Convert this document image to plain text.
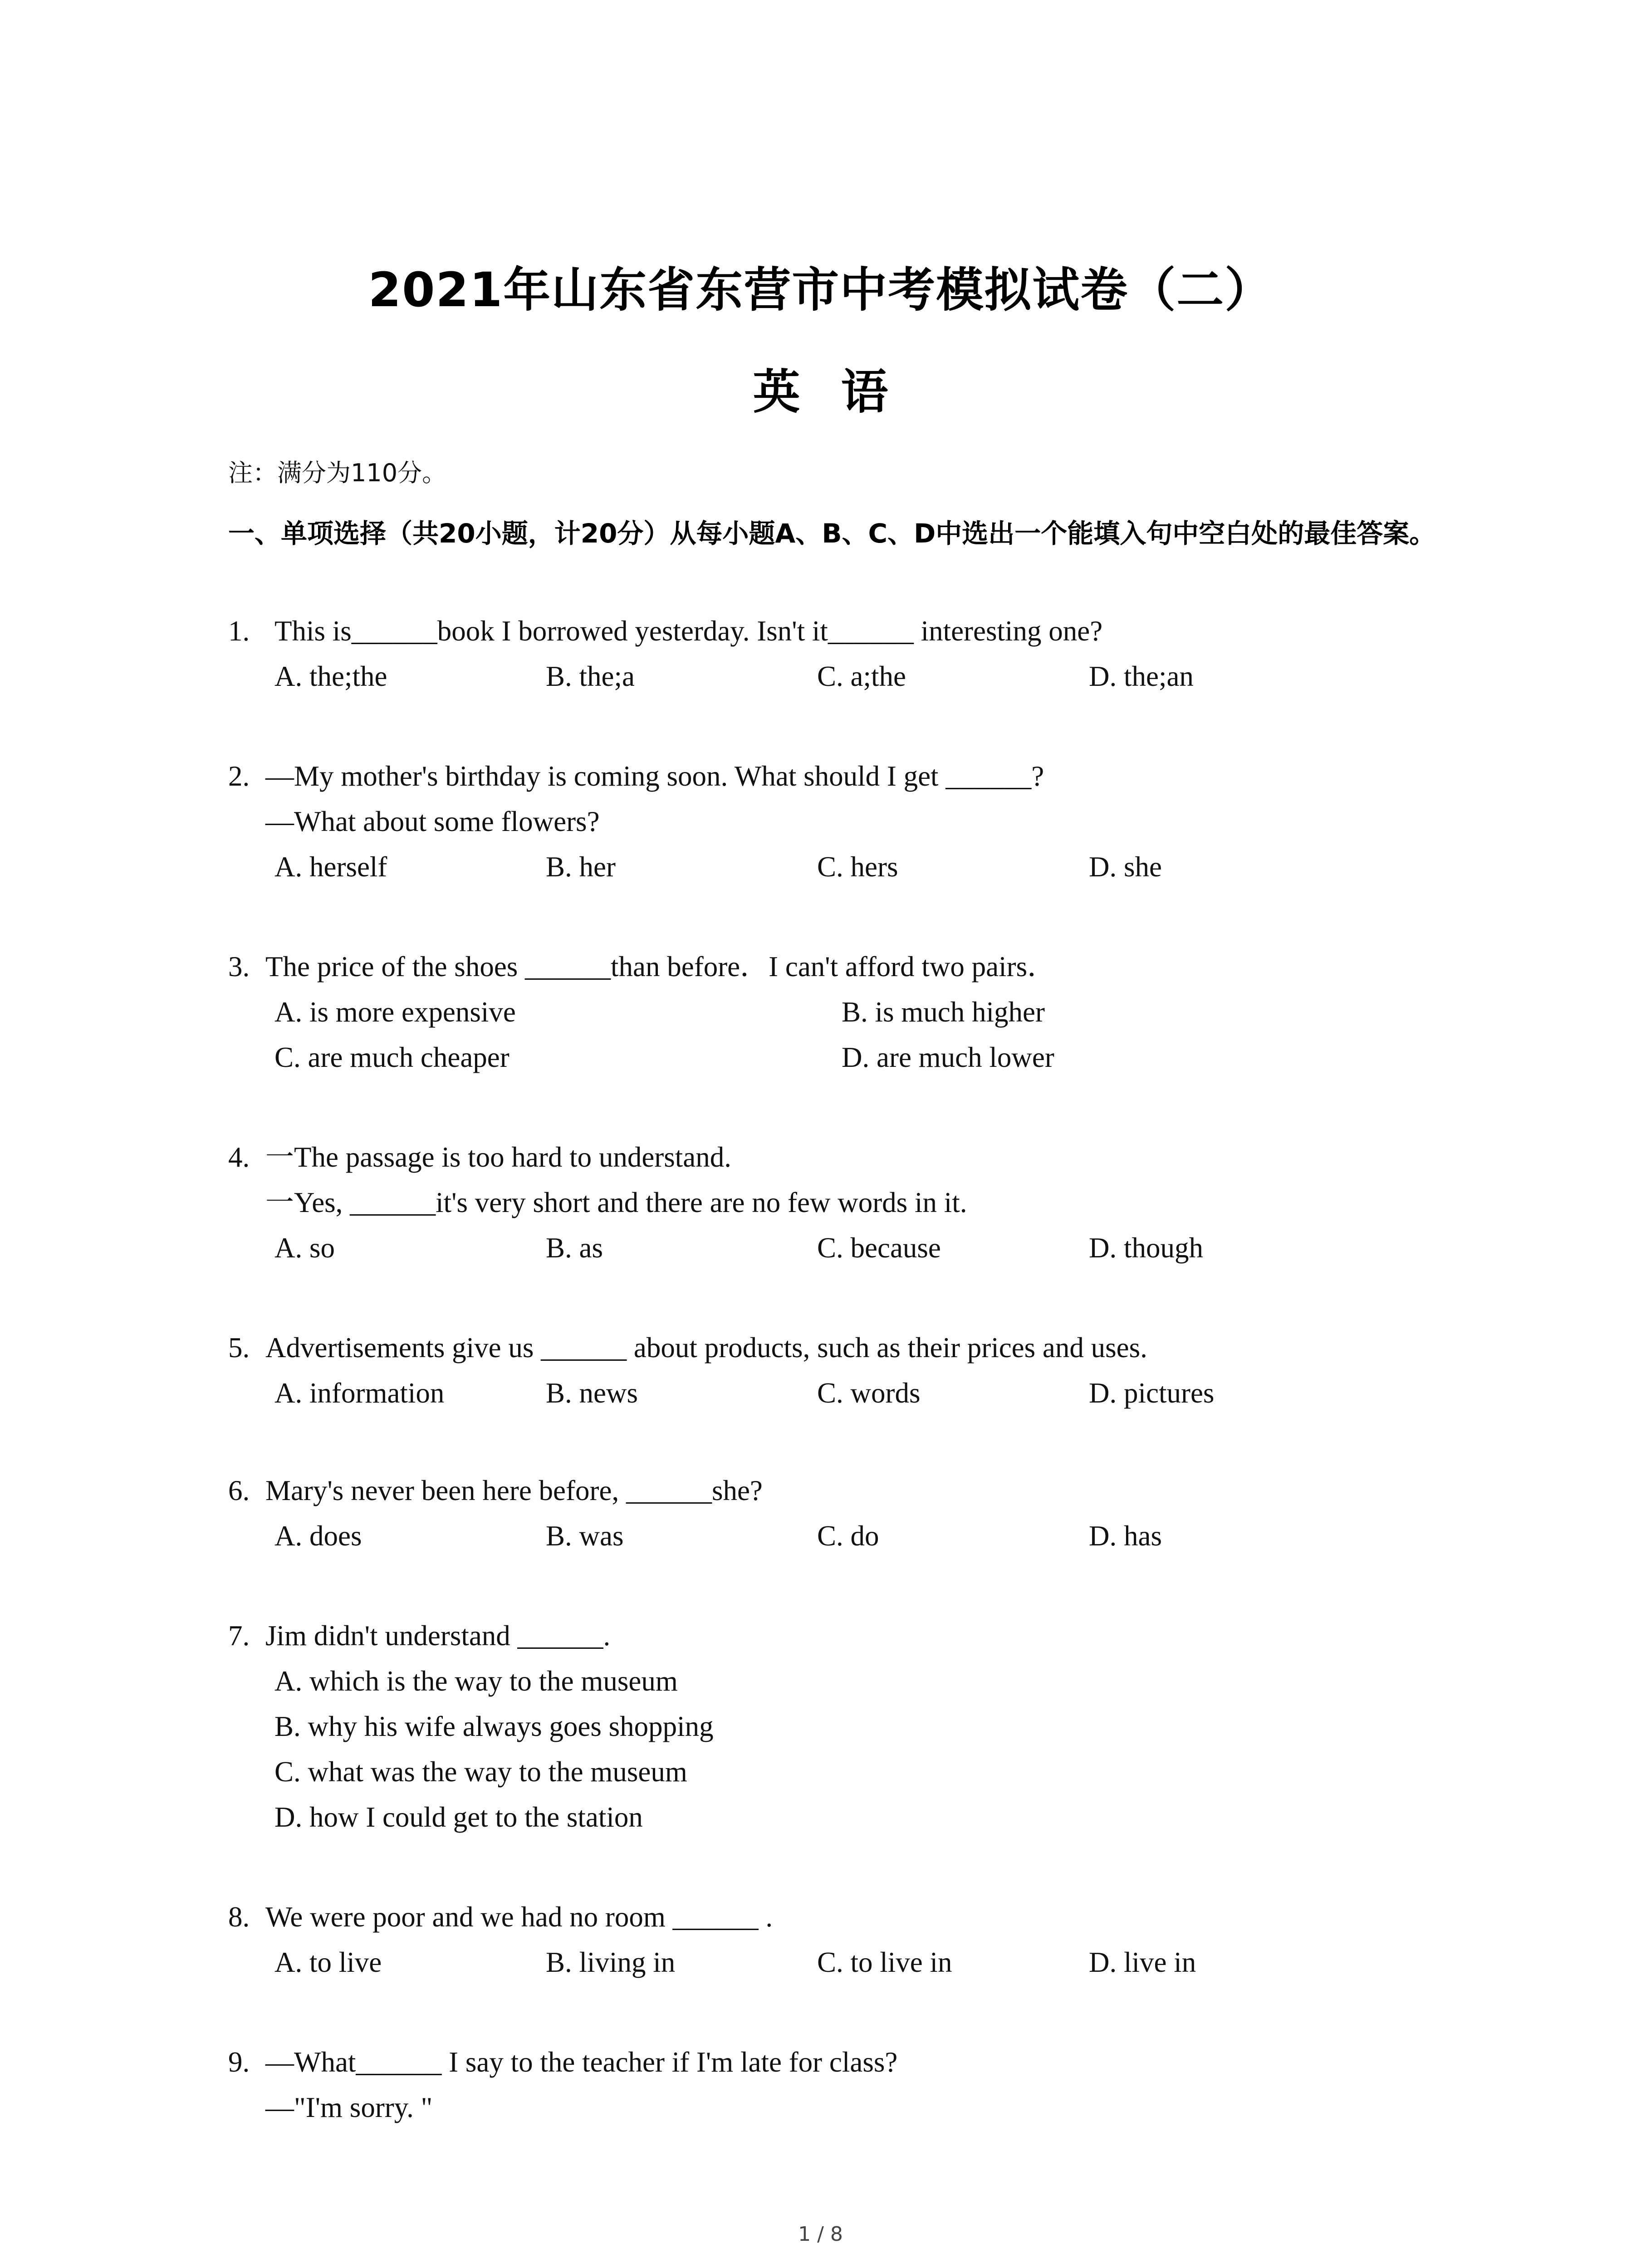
2021年山东省东营市中考模拟试卷（二）
英语
注：满分为110分。
一、单项选择（共20小题，计20分）从每小题A、B、C、D中选出一个能填入句中空白处的最佳答案。
1. This is______book I borrowed yesterday. Isn't it______ interesting one?
A. the;the	B. the;a	C. a;the	D. the;an
2. —My mother's birthday is coming soon. What should I get ______?
—What about some flowers?
A. herself	B. her	C. hers	D. she
3. The price of the shoes ______than before．I can't afford two pairs．
A. is more expensive	B. is much higher
C. are much cheaper	D. are much lower
4. 一The passage is too hard to understand.
一Yes, ______it's very short and there are no few words in it.
A. so	B. as	C. because	D. though
5. Advertisements give us ______ about products, such as their prices and uses.
A. information	B. news	C. words	D. pictures
6. Mary's never been here before, ______she?
A. does	B. was	C. do	D. has
7. Jim didn't understand ______.
A. which is the way to the museum
B. why his wife always goes shopping
C. what was the way to the museum
D. how I could get to the station
8. We were poor and we had no room ______ .
A. to live	B. living in	C. to live in	D. live in
9. —What______ I say to the teacher if I'm late for class?
—"I'm sorry. "
1 / 8
